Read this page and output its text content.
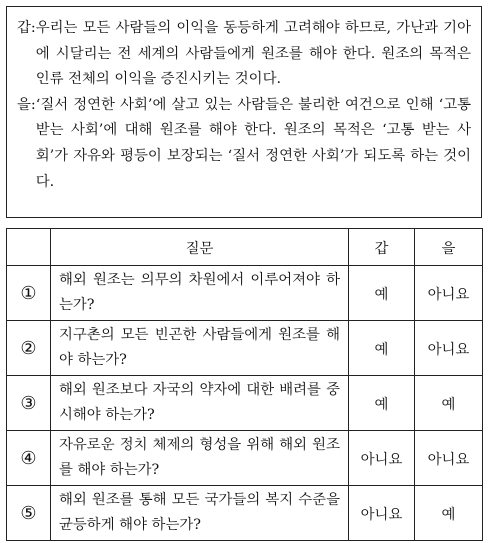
갑: 우리는 모든 사람들의 이익을 동등하게 고려해야 하므로, 가난과 기아에 시달리는 전 세계의 사람들에게 원조를 해야 한다. 원조의 목적은 인류 전체의 이익을 증진시키는 것이다.
을: ‘질서 정연한 사회’에 살고 있는 사람들은 불리한 여건으로 인해 ‘고통 받는 사회’에 대해 원조를 해야 한다. 원조의 목적은 ‘고통 받는 사회’가 자유와 평등이 보장되는 ‘질서 정연한 사회’가 되도록 하는 것이다.
	질문	갑	을
①	해외 원조는 의무의 차원에서 이루어져야 하는가?	예	아니요
②	지구촌의 모든 빈곤한 사람들에게 원조를 해야 하는가?	예	아니요
③	해외 원조보다 자국의 약자에 대한 배려를 중시해야 하는가?	예	예
④	자유로운 정치 체제의 형성을 위해 해외 원조를 해야 하는가?	아니요	아니요
⑤	해외 원조를 통해 모든 국가들의 복지 수준을 균등하게 해야 하는가?	아니요	예
